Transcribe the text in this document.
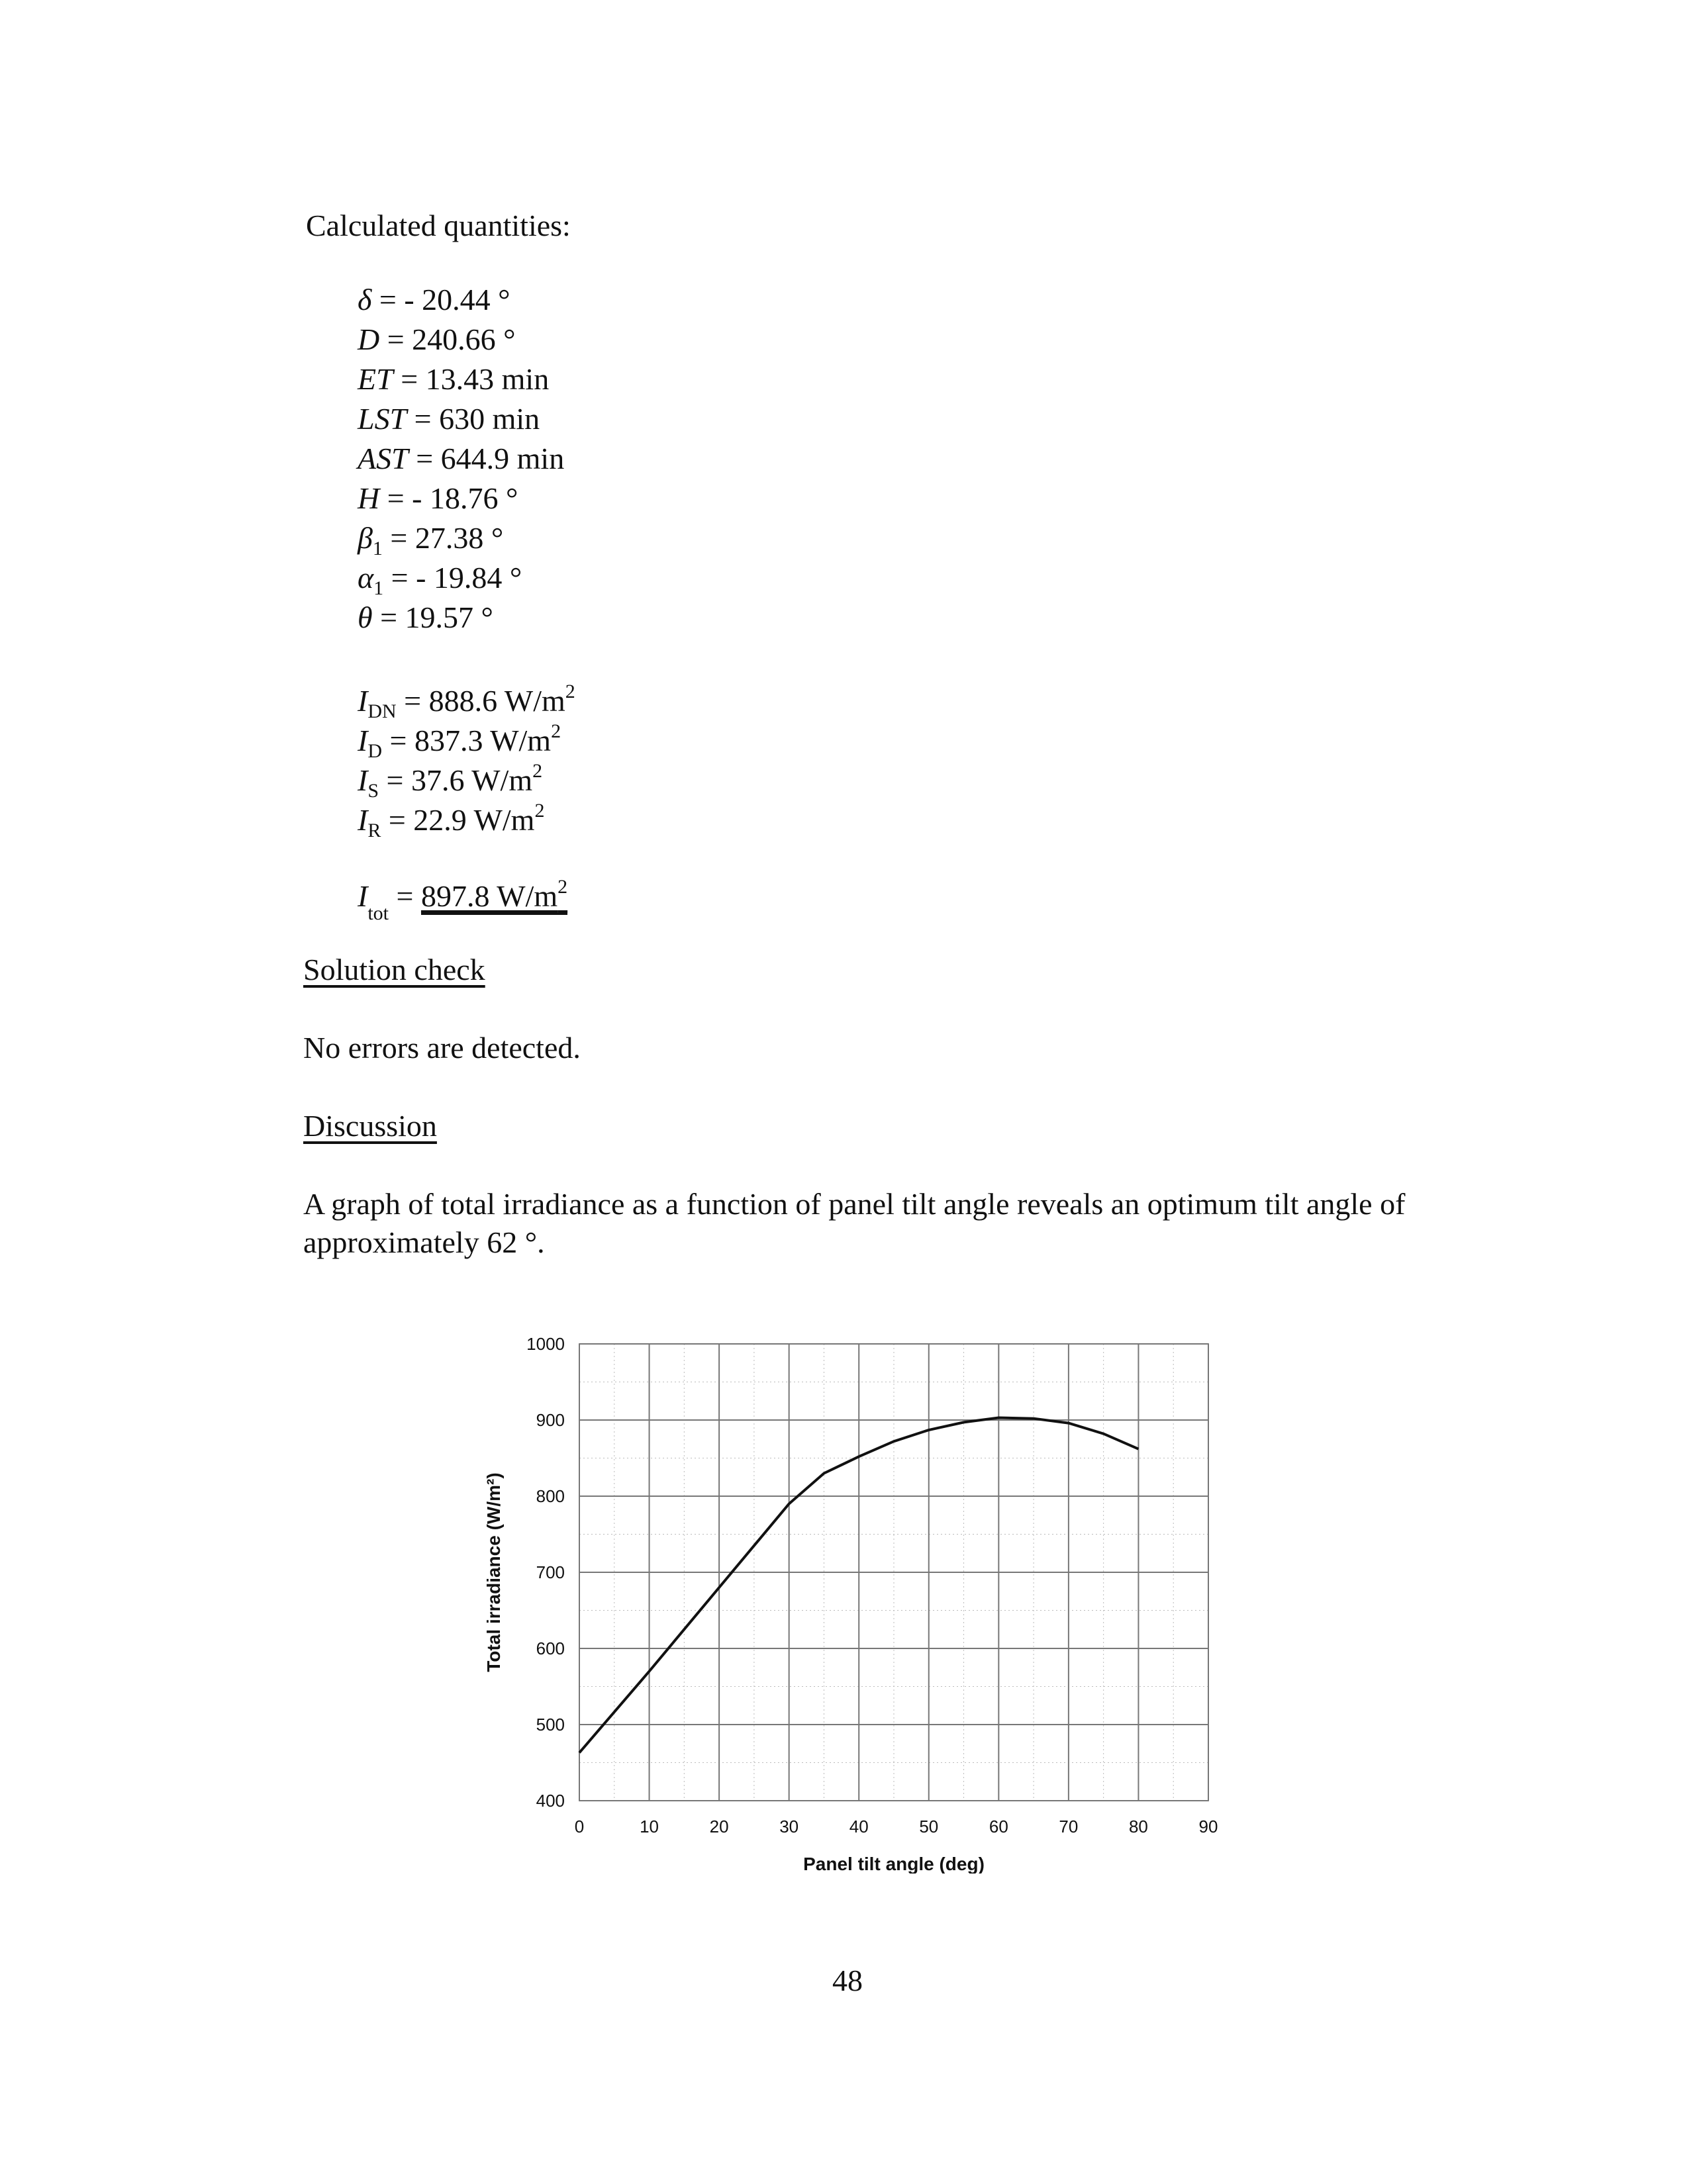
Calculated quantities:
δ = - 20.44 °
D = 240.66 °
ET = 13.43 min
LST = 630 min
AST = 644.9 min
H = - 18.76 °
$\beta_1 = 27.38$ °
$\alpha_1$ = - 19.84 °
θ = 19.57 °
$I_{DN} = 888.6$ $W/m^2$
$I_D = 837.3$ $W/m^2$
$I_S = 37.6$ $W/m^2$
$I_R = 22.9$ $W/m^2$
$I_{tot} = 897.8$ $W/m^2$
Solution check
No errors are detected.
Discussion
A graph of total irradiance as a function of panel tilt angle reveals an optimum tilt angle of approximately 62 °.
0	10	20	30	40	50	60	70	80	90
400
500
600
700
800
900
1000
Panel tilt angle (deg)
Total irradiance (W/m²)
48
